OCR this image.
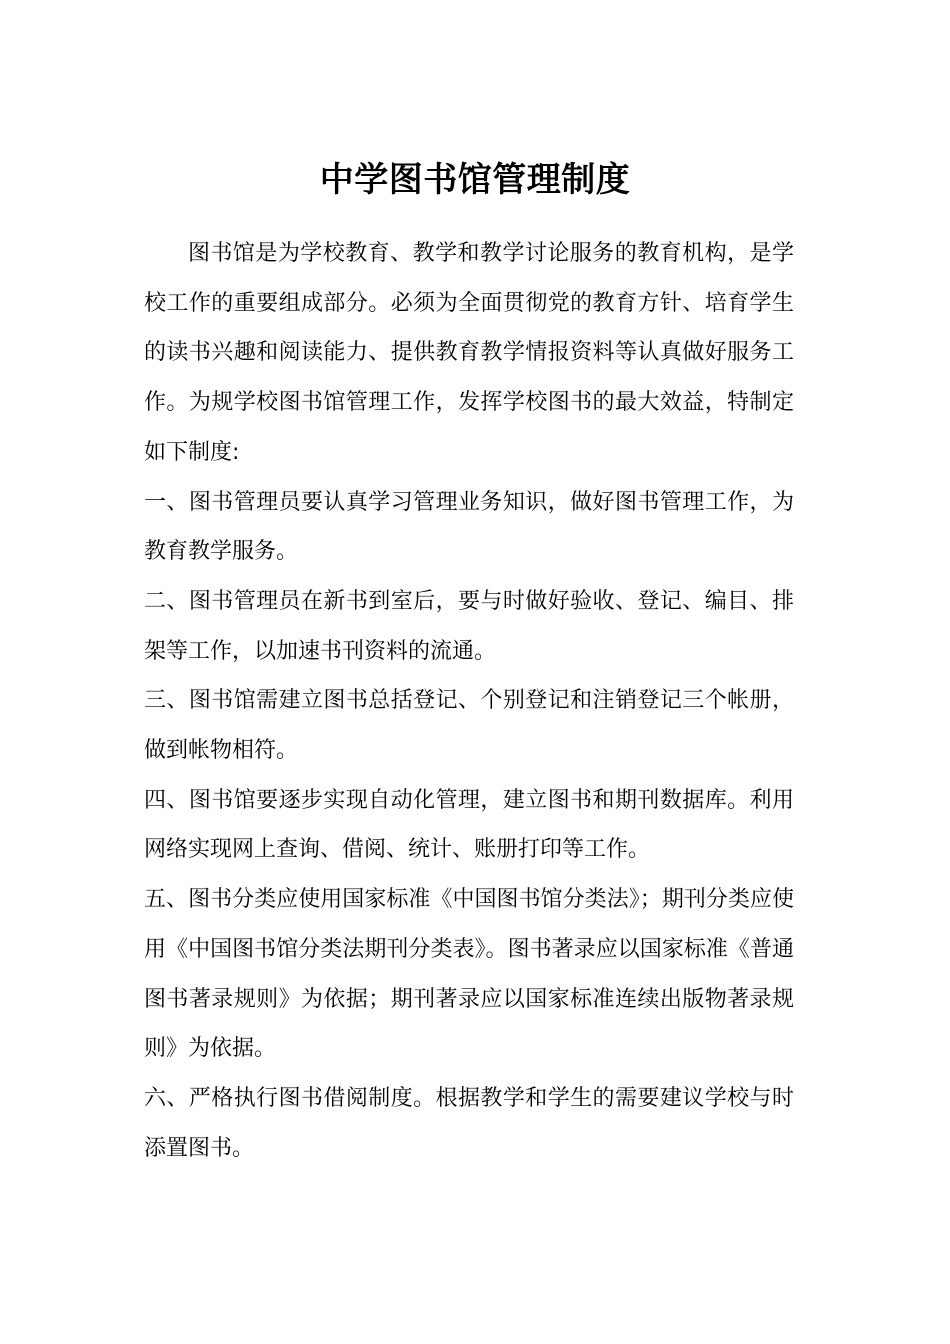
中学图书馆管理制度

图书馆是为学校教育、教学和教学讨论服务的教育机构，是学校工作的重要组成部分。必须为全面贯彻党的教育方针、培育学生的读书兴趣和阅读能力、提供教育教学情报资料等认真做好服务工作。为规学校图书馆管理工作，发挥学校图书的最大效益，特制定如下制度:

一、图书管理员要认真学习管理业务知识，做好图书管理工作，为教育教学服务。

二、图书管理员在新书到室后，要与时做好验收、登记、编目、排架等工作，以加速书刊资料的流通。

三、图书馆需建立图书总括登记、个别登记和注销登记三个帐册，做到帐物相符。

四、图书馆要逐步实现自动化管理，建立图书和期刊数据库。利用网络实现网上查询、借阅、统计、账册打印等工作。

五、图书分类应使用国家标准《中国图书馆分类法》；期刊分类应使用《中国图书馆分类法期刊分类表》。图书著录应以国家标准《普通图书著录规则》为依据；期刊著录应以国家标准连续出版物著录规则》为依据。

六、严格执行图书借阅制度。根据教学和学生的需要建议学校与时添置图书。
